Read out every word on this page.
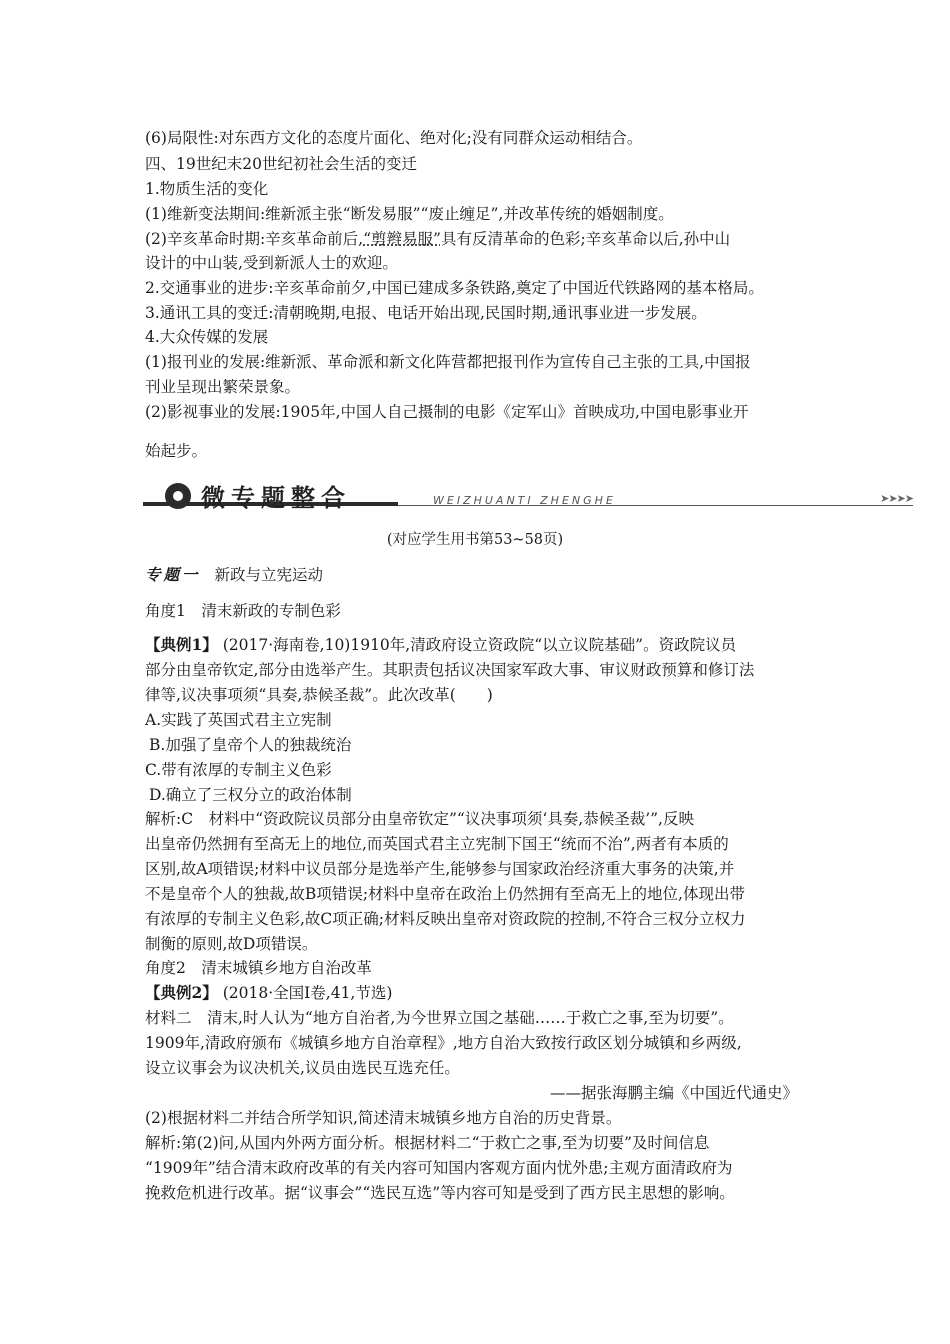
(6)局限性:对东西方文化的态度片面化、绝对化;没有同群众运动相结合。
四、19世纪末20世纪初社会生活的变迁
1.物质生活的变化
(1)维新变法期间:维新派主张“断发易服”“废止缠足”,并改革传统的婚姻制度。
(2)辛亥革命时期:辛亥革命前后,“剪辫易服”具有反清革命的色彩;辛亥革命以后,孙中山
设计的中山装,受到新派人士的欢迎。
2.交通事业的进步:辛亥革命前夕,中国已建成多条铁路,奠定了中国近代铁路网的基本格局。
3.通讯工具的变迁:清朝晚期,电报、电话开始出现,民国时期,通讯事业进一步发展。
4.大众传媒的发展
(1)报刊业的发展:维新派、革命派和新文化阵营都把报刊作为宣传自己主张的工具,中国报
刊业呈现出繁荣景象。
(2)影视事业的发展:1905年,中国人自己摄制的电影《定军山》首映成功,中国电影事业开
始起步。
微专题整合	WEIZHUANTI ZHENGHE	➤➤➤➤
(对应学生用书第53~58页)
专题一 新政与立宪运动
角度1　清末新政的专制色彩
【典例1】 (2017·海南卷,10)1910年,清政府设立资政院“以立议院基础”。资政院议员
部分由皇帝钦定,部分由选举产生。其职责包括议决国家军政大事、审议财政预算和修订法
律等,议决事项须“具奏,恭候圣裁”。此次改革(　　)
A.实践了英国式君主立宪制
B.加强了皇帝个人的独裁统治
C.带有浓厚的专制主义色彩
D.确立了三权分立的政治体制
解析:C　材料中“资政院议员部分由皇帝钦定”“议决事项须‘具奏,恭候圣裁’”,反映
出皇帝仍然拥有至高无上的地位,而英国式君主立宪制下国王“统而不治”,两者有本质的
区别,故A项错误;材料中议员部分是选举产生,能够参与国家政治经济重大事务的决策,并
不是皇帝个人的独裁,故B项错误;材料中皇帝在政治上仍然拥有至高无上的地位,体现出带
有浓厚的专制主义色彩,故C项正确;材料反映出皇帝对资政院的控制,不符合三权分立权力
制衡的原则,故D项错误。
角度2　清末城镇乡地方自治改革
【典例2】 (2018·全国Ⅰ卷,41,节选)
材料二　清末,时人认为“地方自治者,为今世界立国之基础……于救亡之事,至为切要”。
1909年,清政府颁布《城镇乡地方自治章程》,地方自治大致按行政区划分城镇和乡两级,
设立议事会为议决机关,议员由选民互选充任。
——据张海鹏主编《中国近代通史》
(2)根据材料二并结合所学知识,简述清末城镇乡地方自治的历史背景。
解析:第(2)问,从国内外两方面分析。根据材料二“于救亡之事,至为切要”及时间信息
“1909年”结合清末政府改革的有关内容可知国内客观方面内忧外患;主观方面清政府为
挽救危机进行改革。据“议事会”“选民互选”等内容可知是受到了西方民主思想的影响。
